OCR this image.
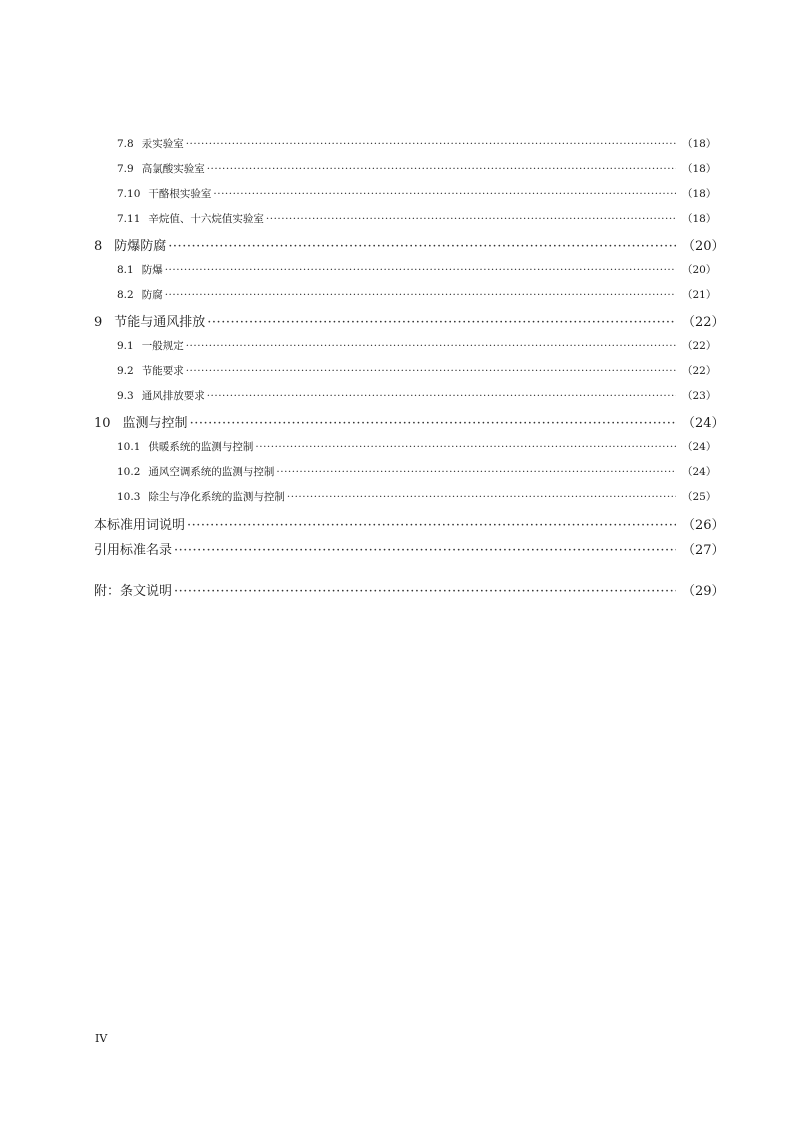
7.8 汞实验室 ·····	（18）
7.9 高氯酸实验室 ·····	（18）
7.10 干酪根实验室 ·····	（18）
7.11 辛烷值、十六烷值实验室 ·····	（18）
8 防爆防腐 ·····	（20）
8.1 防爆 ·····	（20）
8.2 防腐 ·····	（21）
9 节能与通风排放 ·····	（22）
9.1 一般规定 ·····	（22）
9.2 节能要求 ·····	（22）
9.3 通风排放要求 ·····	（23）
10 监测与控制 ·····	（24）
10.1 供暖系统的监测与控制 ·····	（24）
10.2 通风空调系统的监测与控制 ·····	（24）
10.3 除尘与净化系统的监测与控制 ·····	（25）
本标准用词说明 ·····	（26）
引用标准名录 ·····	（27）
附：条文说明 ·····	（29）
IV
